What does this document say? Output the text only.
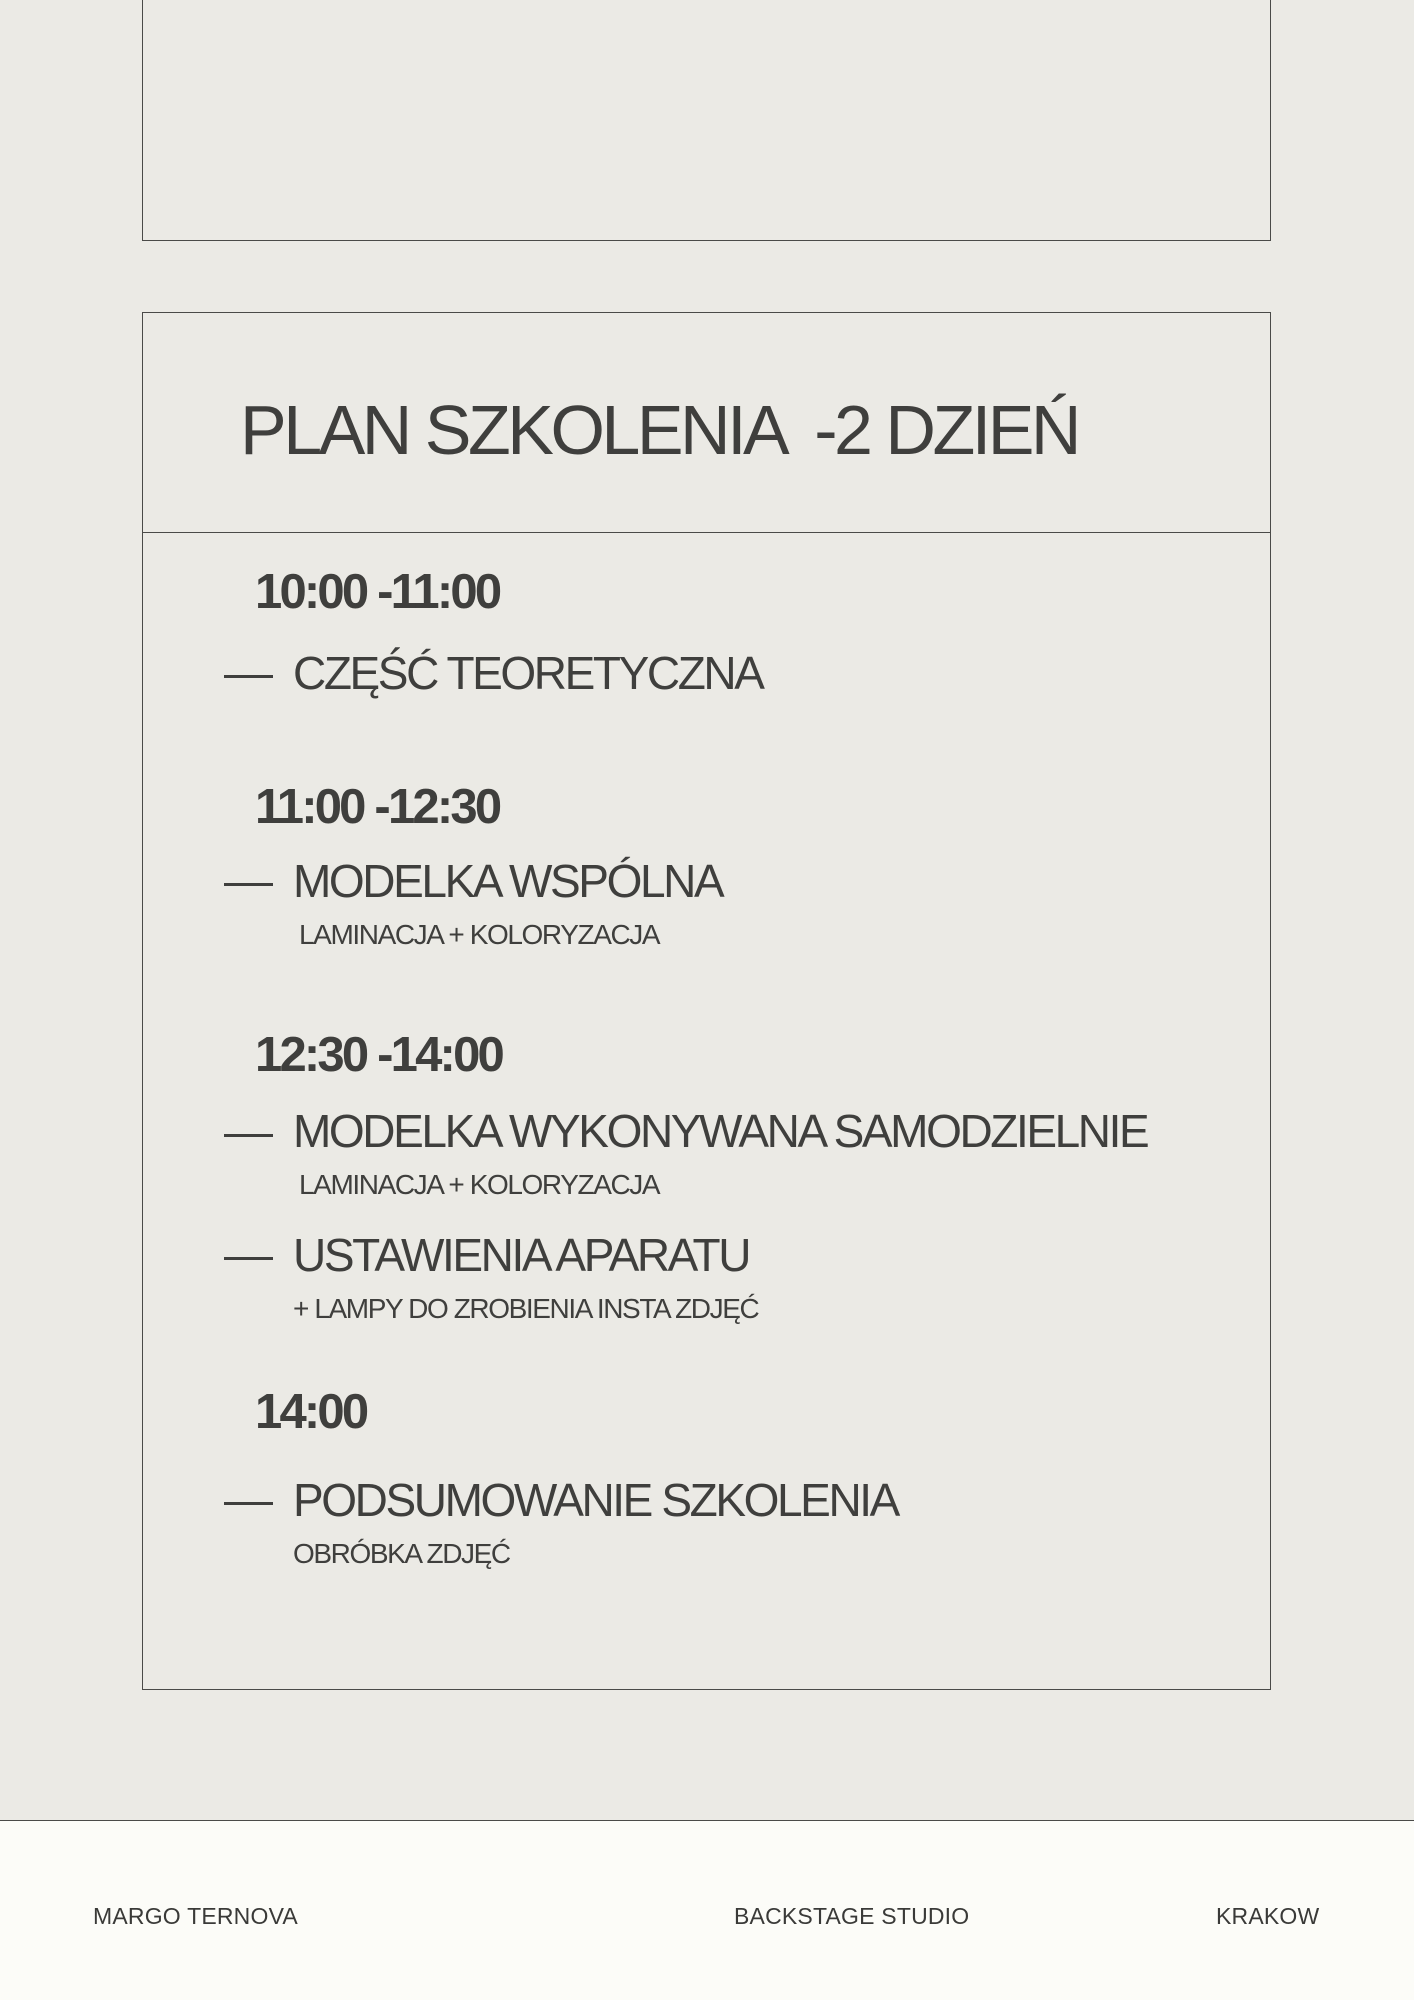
PLAN SZKOLENIA  -2 DZIEŃ
10:00 -11:00
CZĘŚĆ TEORETYCZNA
11:00 -12:30
MODELKA WSPÓLNA
LAMINACJA + KOLORYZACJA
12:30 -14:00
MODELKA WYKONYWANA SAMODZIELNIE
LAMINACJA + KOLORYZACJA
USTAWIENIA APARATU
+ LAMPY DO ZROBIENIA INSTA ZDJĘĆ
14:00
PODSUMOWANIE SZKOLENIA
OBRÓBKA ZDJĘĆ
MARGO TERNOVA	BACKSTAGE STUDIO	KRAKOW
